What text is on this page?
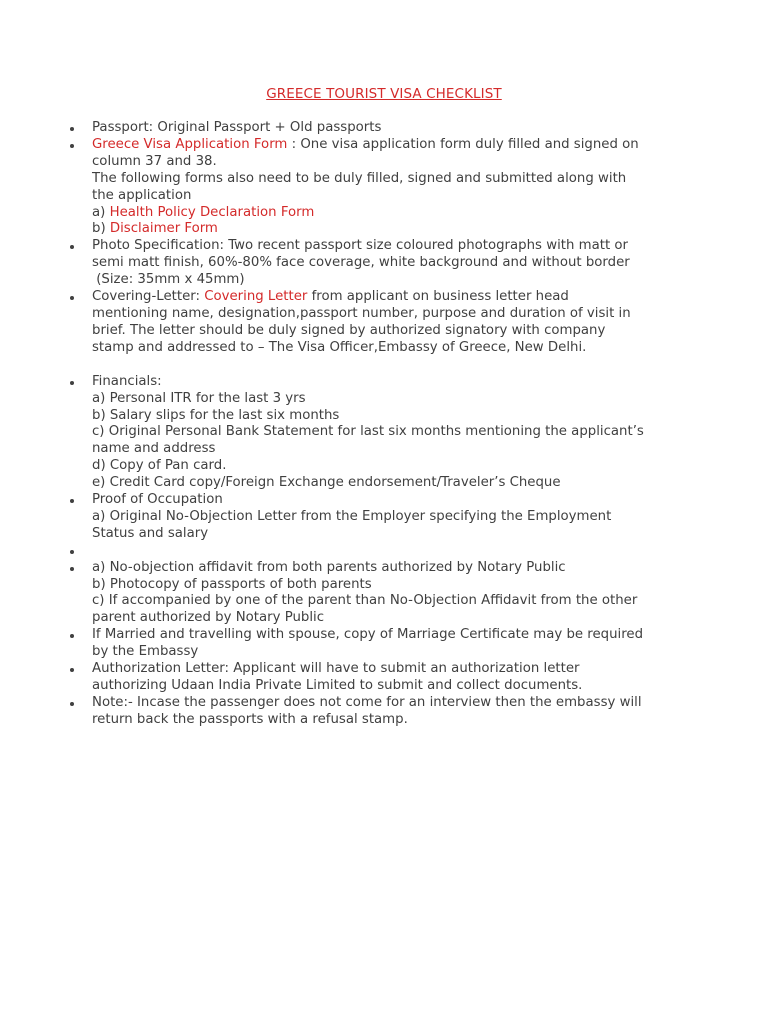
GREECE TOURIST VISA CHECKLIST
Passport: Original Passport + Old passports
Greece Visa Application Form : One visa application form duly filled and signed on
column 37 and 38.
The following forms also need to be duly filled, signed and submitted along with
the application
a) Health Policy Declaration Form
b) Disclaimer Form
Photo Specification: Two recent passport size coloured photographs with matt or
semi matt finish, 60%-80% face coverage, white background and without border
(Size: 35mm x 45mm)
Covering-Letter: Covering Letter from applicant on business letter head
mentioning name, designation,passport number, purpose and duration of visit in
brief. The letter should be duly signed by authorized signatory with company
stamp and addressed to – The Visa Officer,Embassy of Greece, New Delhi.
Financials:
a) Personal ITR for the last 3 yrs
b) Salary slips for the last six months
c) Original Personal Bank Statement for last six months mentioning the applicant’s
name and address
d) Copy of Pan card.
e) Credit Card copy/Foreign Exchange endorsement/Traveler’s Cheque
Proof of Occupation
a) Original No-Objection Letter from the Employer specifying the Employment
Status and salary
a) No-objection affidavit from both parents authorized by Notary Public
b) Photocopy of passports of both parents
c) If accompanied by one of the parent than No-Objection Affidavit from the other
parent authorized by Notary Public
If Married and travelling with spouse, copy of Marriage Certificate may be required
by the Embassy
Authorization Letter: Applicant will have to submit an authorization letter
authorizing Udaan India Private Limited to submit and collect documents.
Note:- Incase the passenger does not come for an interview then the embassy will
return back the passports with a refusal stamp.
